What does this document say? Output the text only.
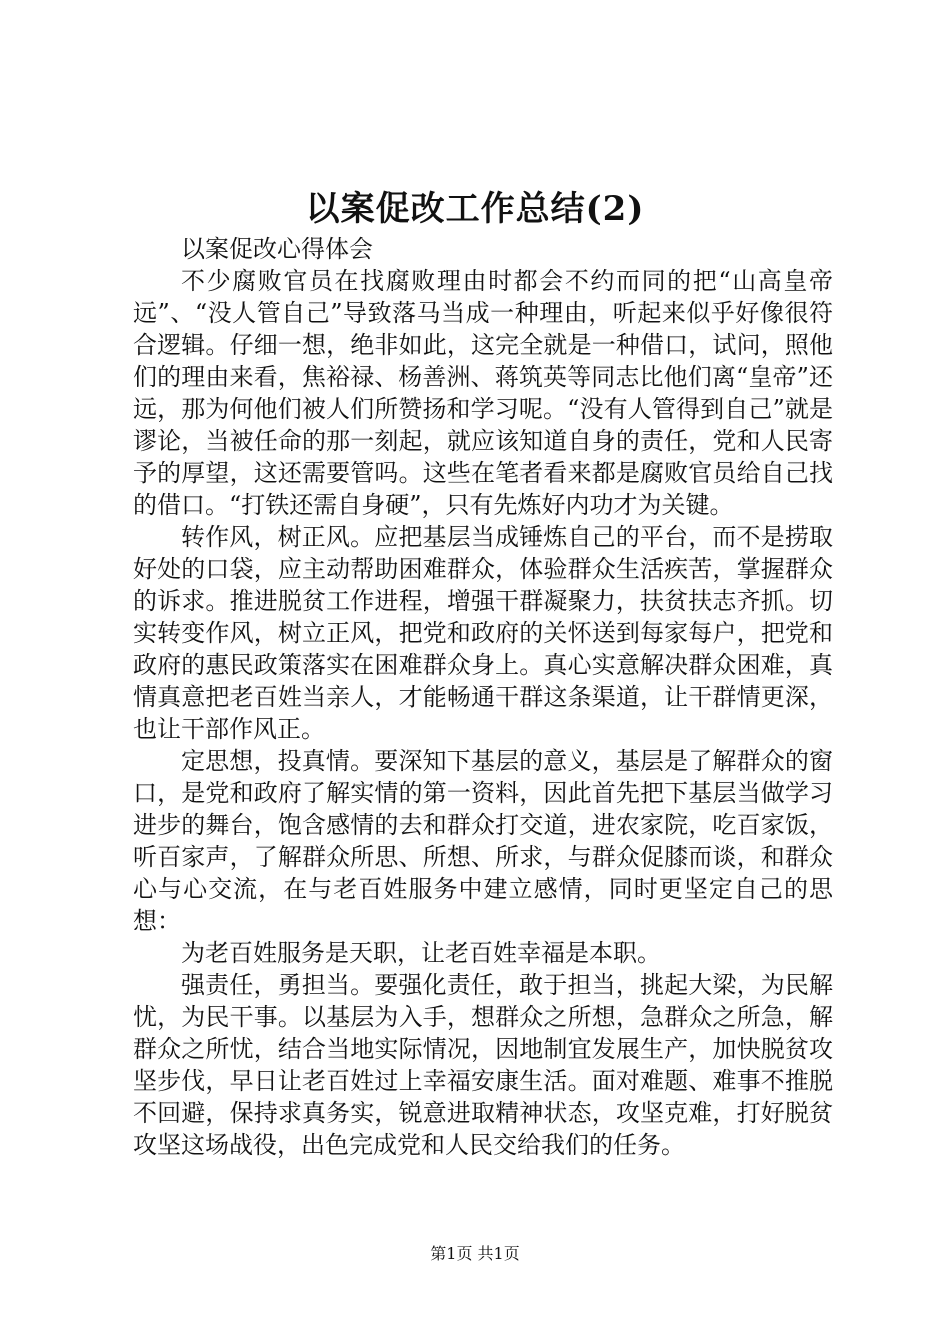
以案促改工作总结(2)

以案促改心得体会

不少腐败官员在找腐败理由时都会不约而同的把“山高皇帝远”、“没人管自己”导致落马当成一种理由，听起来似乎好像很符合逻辑。仔细一想，绝非如此，这完全就是一种借口，试问，照他们的理由来看，焦裕禄、杨善洲、蒋筑英等同志比他们离“皇帝”还远，那为何他们被人们所赞扬和学习呢。“没有人管得到自己”就是谬论，当被任命的那一刻起，就应该知道自身的责任，党和人民寄予的厚望，这还需要管吗。这些在笔者看来都是腐败官员给自己找的借口。“打铁还需自身硬”，只有先炼好内功才为关键。

转作风，树正风。应把基层当成锤炼自己的平台，而不是捞取好处的口袋，应主动帮助困难群众，体验群众生活疾苦，掌握群众的诉求。推进脱贫工作进程，增强干群凝聚力，扶贫扶志齐抓。切实转变作风，树立正风，把党和政府的关怀送到每家每户，把党和政府的惠民政策落实在困难群众身上。真心实意解决群众困难，真情真意把老百姓当亲人，才能畅通干群这条渠道，让干群情更深，也让干部作风正。

定思想，投真情。要深知下基层的意义，基层是了解群众的窗口，是党和政府了解实情的第一资料，因此首先把下基层当做学习进步的舞台，饱含感情的去和群众打交道，进农家院，吃百家饭，听百家声，了解群众所思、所想、所求，与群众促膝而谈，和群众心与心交流，在与老百姓服务中建立感情，同时更坚定自己的思想：

为老百姓服务是天职，让老百姓幸福是本职。

强责任，勇担当。要强化责任，敢于担当，挑起大梁，为民解忧，为民干事。以基层为入手，想群众之所想，急群众之所急，解群众之所忧，结合当地实际情况，因地制宜发展生产，加快脱贫攻坚步伐，早日让老百姓过上幸福安康生活。面对难题、难事不推脱不回避，保持求真务实，锐意进取精神状态，攻坚克难，打好脱贫攻坚这场战役，出色完成党和人民交给我们的任务。

第1页 共1页
